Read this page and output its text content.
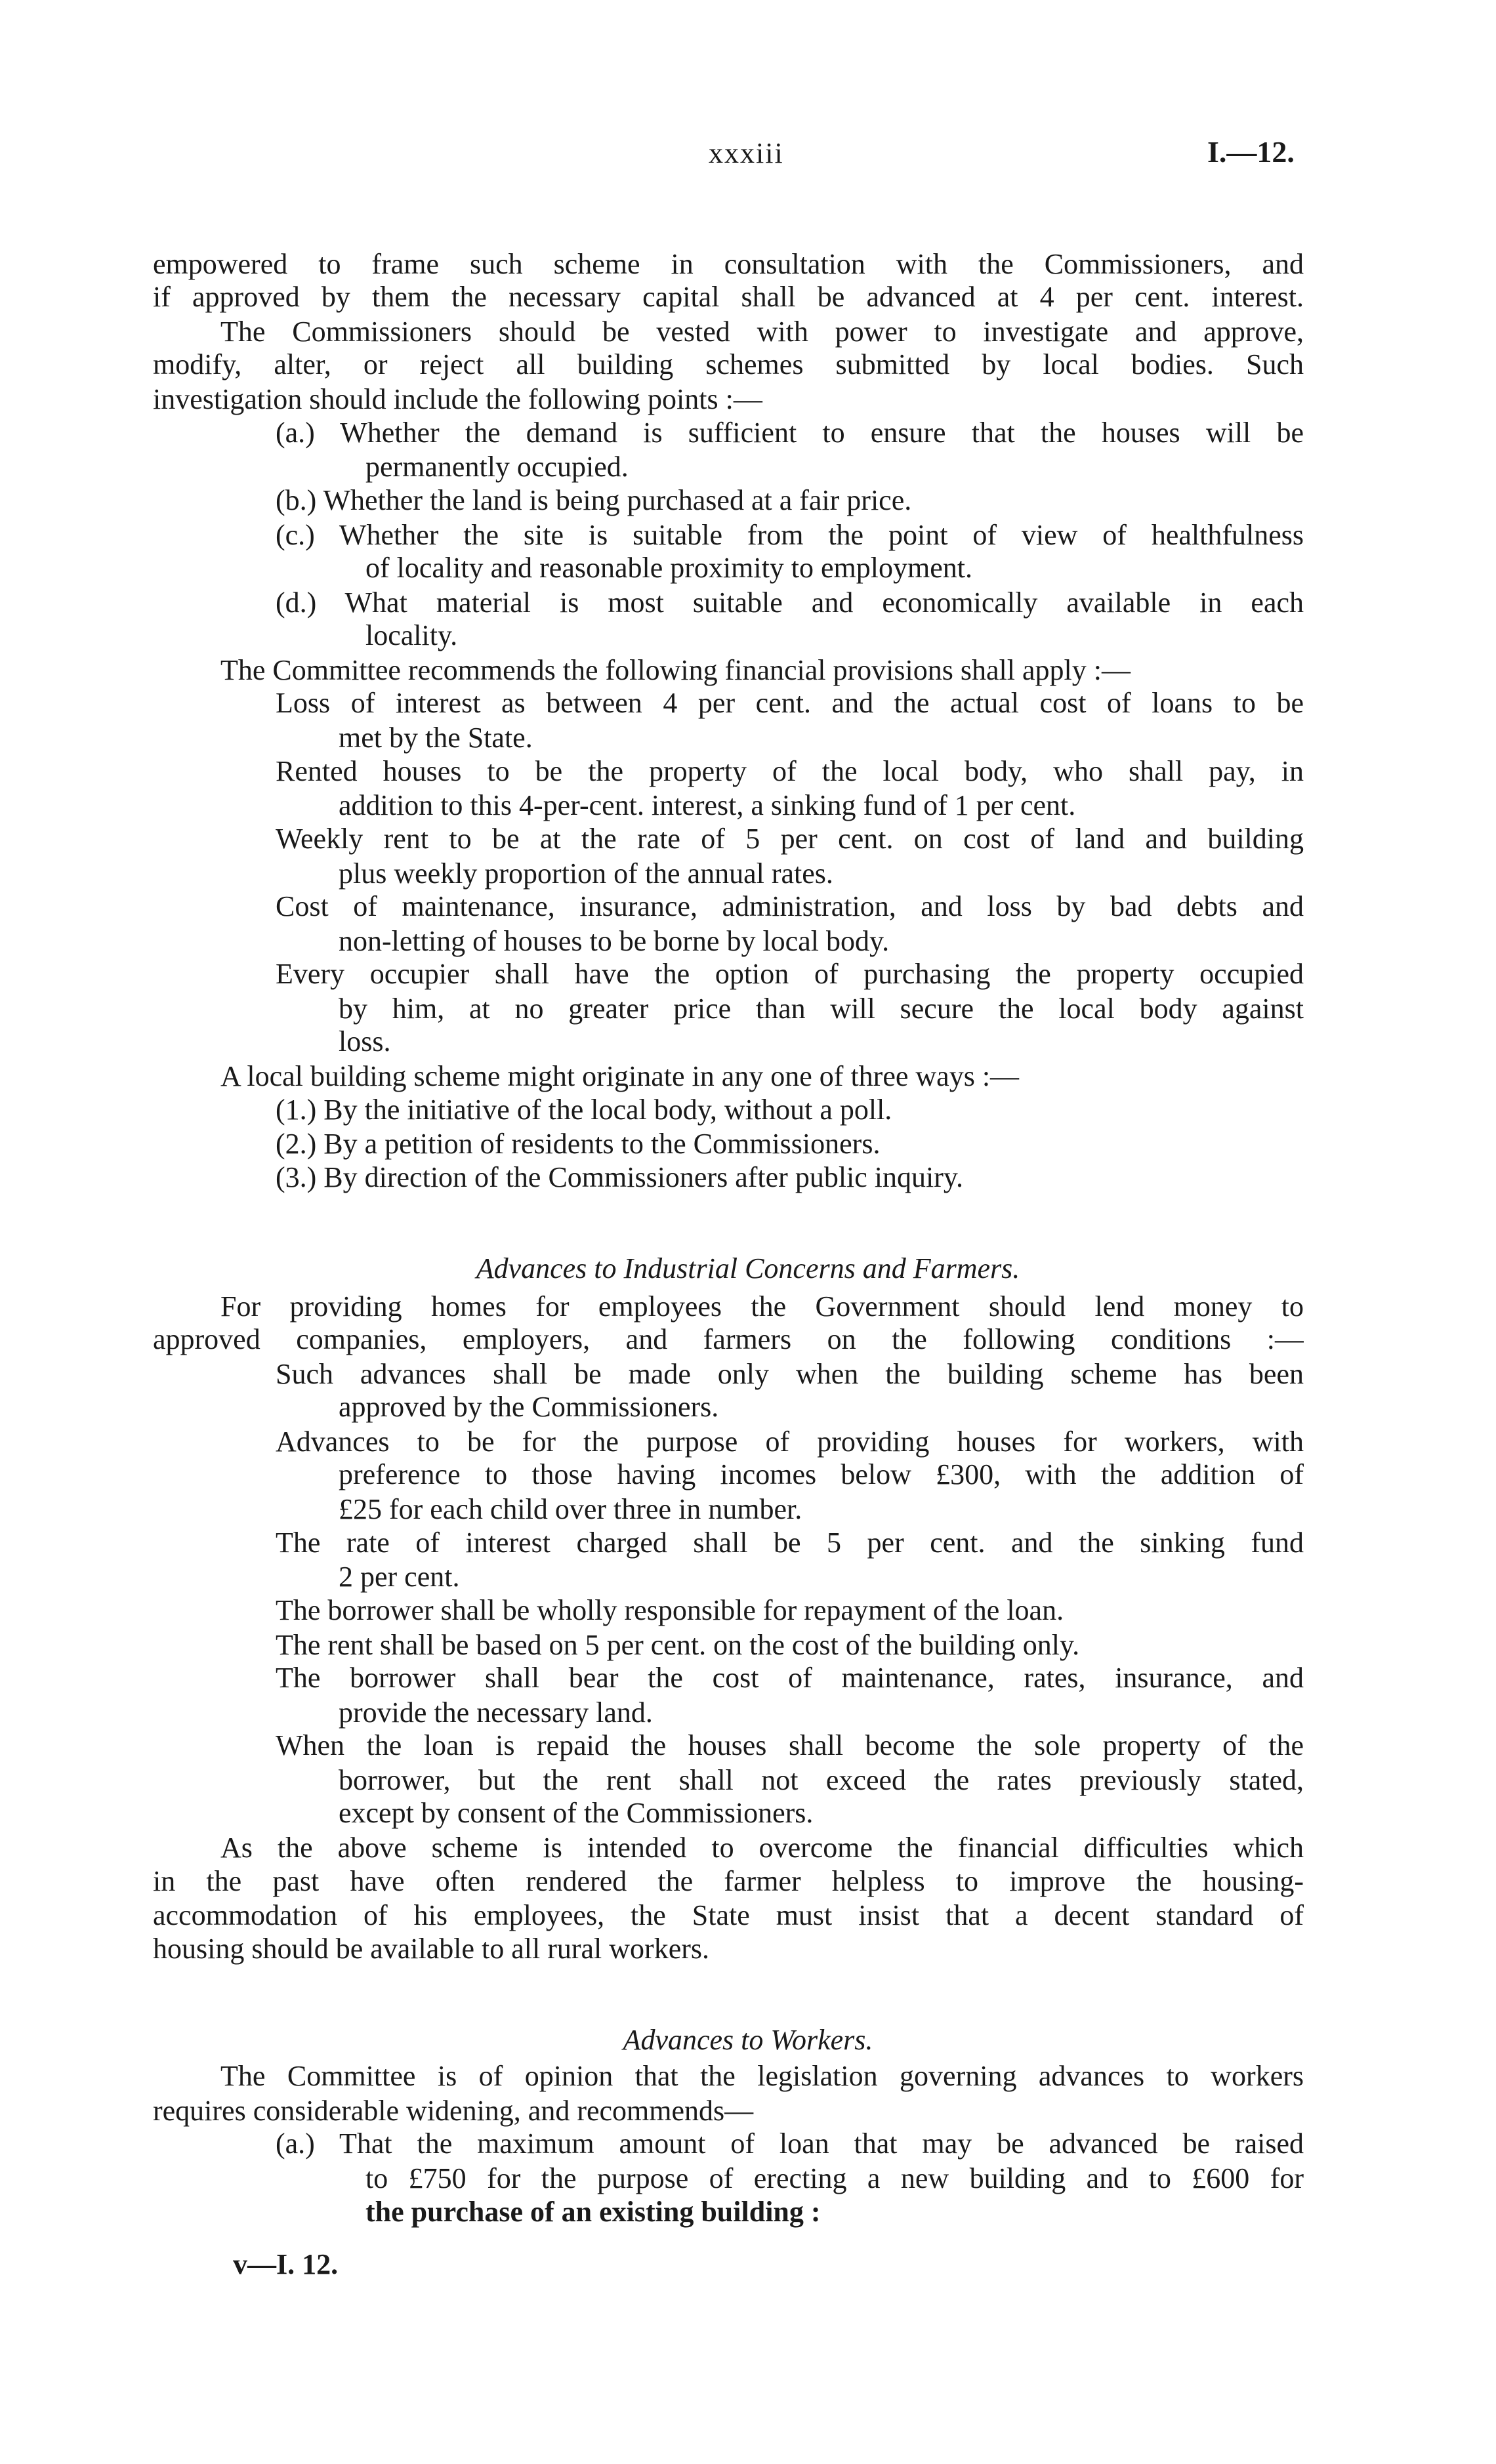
xxxiii	I.—12.
empowered to frame such scheme in consultation with the Commissioners, and
if approved by them the necessary capital shall be advanced at 4 per cent. interest.
The Commissioners should be vested with power to investigate and approve,
modify, alter, or reject all building schemes submitted by local bodies. Such
investigation should include the following points :—
(a.) Whether the demand is sufficient to ensure that the houses will be
permanently occupied.
(b.) Whether the land is being purchased at a fair price.
(c.) Whether the site is suitable from the point of view of healthfulness
of locality and reasonable proximity to employment.
(d.) What material is most suitable and economically available in each
locality.
The Committee recommends the following financial provisions shall apply :—
Loss of interest as between 4 per cent. and the actual cost of loans to be
met by the State.
Rented houses to be the property of the local body, who shall pay, in
addition to this 4-per-cent. interest, a sinking fund of 1 per cent.
Weekly rent to be at the rate of 5 per cent. on cost of land and building
plus weekly proportion of the annual rates.
Cost of maintenance, insurance, administration, and loss by bad debts and
non-letting of houses to be borne by local body.
Every occupier shall have the option of purchasing the property occupied
by him, at no greater price than will secure the local body against
loss.
A local building scheme might originate in any one of three ways :—
(1.) By the initiative of the local body, without a poll.
(2.) By a petition of residents to the Commissioners.
(3.) By direction of the Commissioners after public inquiry.
Advances to Industrial Concerns and Farmers.
For providing homes for employees the Government should lend money to
approved companies, employers, and farmers on the following conditions :—
Such advances shall be made only when the building scheme has been
approved by the Commissioners.
Advances to be for the purpose of providing houses for workers, with
preference to those having incomes below £300, with the addition of
£25 for each child over three in number.
The rate of interest charged shall be 5 per cent. and the sinking fund
2 per cent.
The borrower shall be wholly responsible for repayment of the loan.
The rent shall be based on 5 per cent. on the cost of the building only.
The borrower shall bear the cost of maintenance, rates, insurance, and
provide the necessary land.
When the loan is repaid the houses shall become the sole property of the
borrower, but the rent shall not exceed the rates previously stated,
except by consent of the Commissioners.
As the above scheme is intended to overcome the financial difficulties which
in the past have often rendered the farmer helpless to improve the housing-
accommodation of his employees, the State must insist that a decent standard of
housing should be available to all rural workers.
Advances to Workers.
The Committee is of opinion that the legislation governing advances to workers
requires considerable widening, and recommends—
(a.) That the maximum amount of loan that may be advanced be raised
to £750 for the purpose of erecting a new building and to £600 for
the purchase of an existing building :
v—I. 12.
